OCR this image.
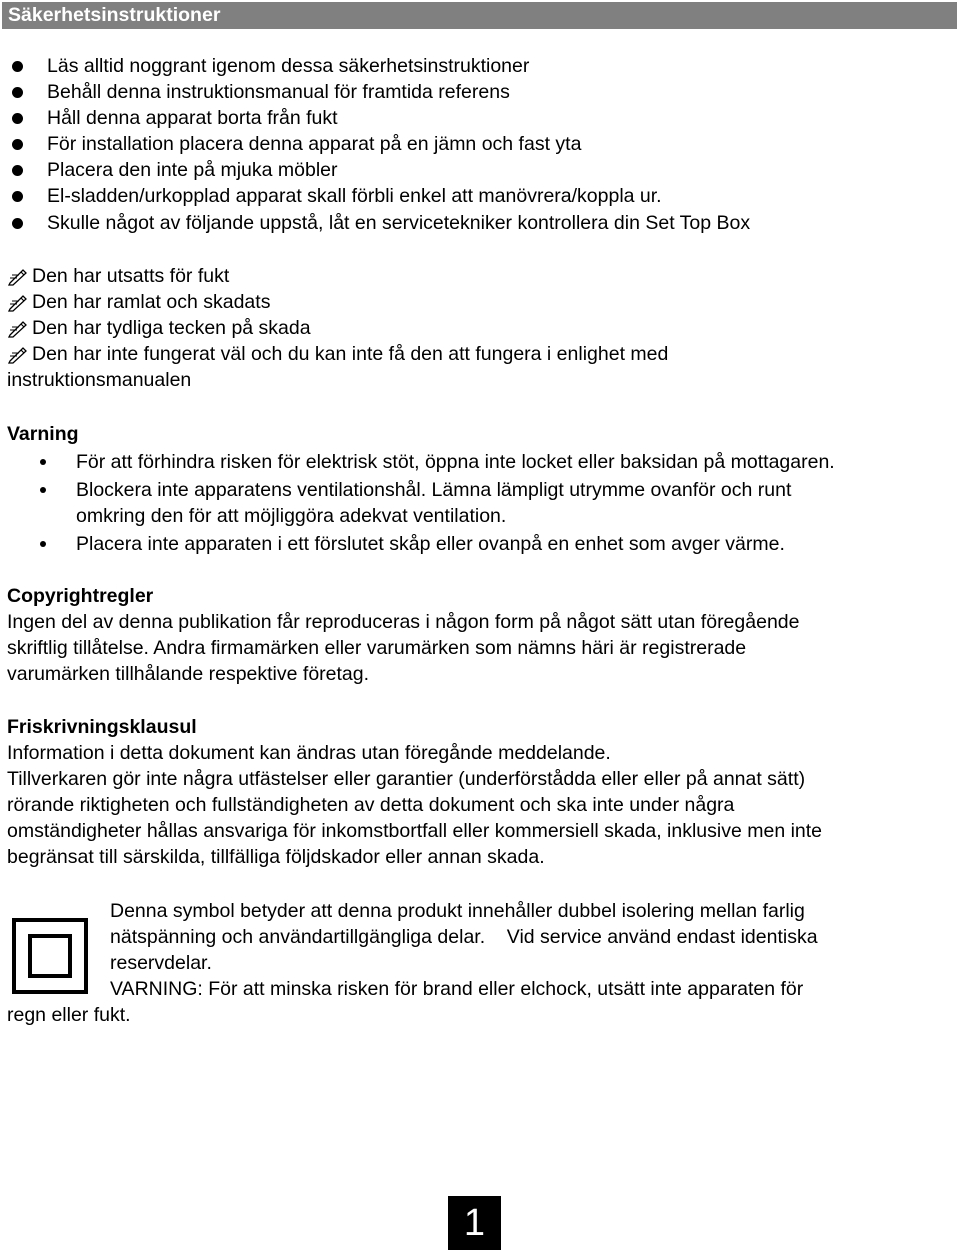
Säkerhetsinstruktioner
Läs alltid noggrant igenom dessa säkerhetsinstruktioner
Behåll denna instruktionsmanual för framtida referens
Håll denna apparat borta från fukt
För installation placera denna apparat på en jämn och fast yta
Placera den inte på mjuka möbler
El-sladden/urkopplad apparat skall förbli enkel att manövrera/koppla ur.
Skulle något av följande uppstå, låt en servicetekniker kontrollera din Set Top Box
Den har utsatts för fukt
Den har ramlat och skadats
Den har tydliga tecken på skada
Den har inte fungerat väl och du kan inte få den att fungera i enlighet med
instruktionsmanualen
Varning
För att förhindra risken för elektrisk stöt, öppna inte locket eller baksidan på mottagaren.
Blockera inte apparatens ventilationshål. Lämna lämpligt utrymme ovanför och runt
omkring den för att möjliggöra adekvat ventilation.
Placera inte apparaten i ett förslutet skåp eller ovanpå en enhet som avger värme.
Copyrightregler
Ingen del av denna publikation får reproduceras i någon form på något sätt utan föregående
skriftlig tillåtelse. Andra firmamärken eller varumärken som nämns häri är registrerade
varumärken tillhålande respektive företag.
Friskrivningsklausul
Information i detta dokument kan ändras utan föregånde meddelande.
Tillverkaren gör inte några utfästelser eller garantier (underförstådda eller eller på annat sätt)
rörande riktigheten och fullständigheten av detta dokument och ska inte under några
omständigheter hållas ansvariga för inkomstbortfall eller kommersiell skada, inklusive men inte
begränsat till särskilda, tillfälliga följdskador eller annan skada.
Denna symbol betyder att denna produkt innehåller dubbel isolering mellan farlig
nätspänning och användartillgängliga delar.    Vid service använd endast identiska
reservdelar.
VARNING: För att minska risken för brand eller elchock, utsätt inte apparaten för
regn eller fukt.
1
